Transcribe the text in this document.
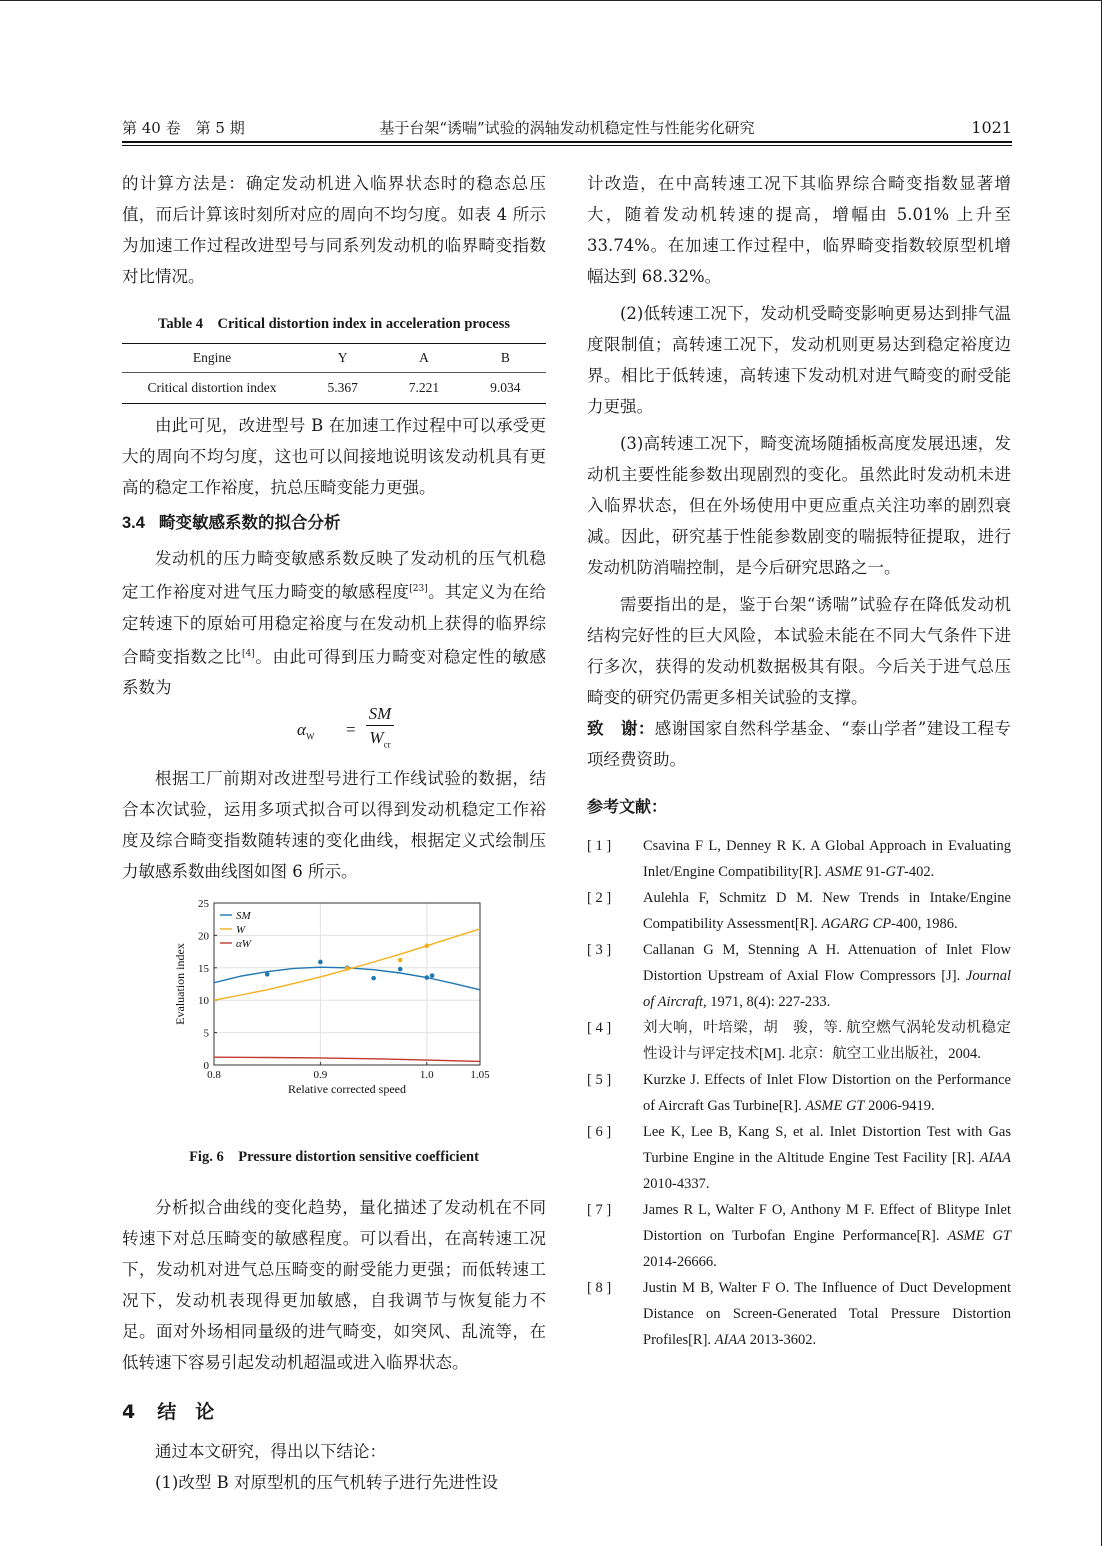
第 40 卷　第 5 期	基于台架“诱喘”试验的涡轴发动机稳定性与性能劣化研究	1021

的计算方法是：确定发动机进入临界状态时的稳态总压值，而后计算该时刻所对应的周向不均匀度。如表 4 所示为加速工作过程改进型号与同系列发动机的临界畸变指数对比情况。

Table 4　Critical distortion index in acceleration process
Engine	Y	A	B
Critical distortion index	5.367	7.221	9.034

由此可见，改进型号 B 在加速工作过程中可以承受更大的周向不均匀度，这也可以间接地说明该发动机具有更高的稳定工作裕度，抗总压畸变能力更强。

3.4 畸变敏感系数的拟合分析

发动机的压力畸变敏感系数反映了发动机的压气机稳定工作裕度对进气压力畸变的敏感程度[23]。其定义为在给定转速下的原始可用稳定裕度与在发动机上获得的临界综合畸变指数之比[4]。由此可得到压力畸变对稳定性的敏感系数为

$\alpha_W$ =
SM
$W_{cr}$

根据工厂前期对改进型号进行工作线试验的数据，结合本次试验，运用多项式拟合可以得到发动机稳定工作裕度及综合畸变指数随转速的变化曲线，根据定义式绘制压力敏感系数曲线图如图 6 所示。

0.8	0.9	1.0	1.05
0
5
10
15
20
25
Relative corrected speed
Evaluation index
SM
W
αW
Fig. 6　Pressure distortion sensitive coefficient

分析拟合曲线的变化趋势，量化描述了发动机在不同转速下对总压畸变的敏感程度。可以看出，在高转速工况下，发动机对进气总压畸变的耐受能力更强；而低转速工况下，发动机表现得更加敏感，自我调节与恢复能力不足。面对外场相同量级的进气畸变，如突风、乱流等，在低转速下容易引起发动机超温或进入临界状态。

4 结　论

通过本文研究，得出以下结论：

(1)改型 B 对原型机的压气机转子进行先进性设

计改造，在中高转速工况下其临界综合畸变指数显著增大，随着发动机转速的提高，增幅由 5.01% 上升至 33.74%。在加速工作过程中，临界畸变指数较原型机增幅达到 68.32%。

(2)低转速工况下，发动机受畸变影响更易达到排气温度限制值；高转速工况下，发动机则更易达到稳定裕度边界。相比于低转速，高转速下发动机对进气畸变的耐受能力更强。

(3)高转速工况下，畸变流场随插板高度发展迅速，发动机主要性能参数出现剧烈的变化。虽然此时发动机未进入临界状态，但在外场使用中更应重点关注功率的剧烈衰减。因此，研究基于性能参数剧变的喘振特征提取，进行发动机防消喘控制，是今后研究思路之一。

需要指出的是，鉴于台架“诱喘”试验存在降低发动机结构完好性的巨大风险，本试验未能在不同大气条件下进行多次，获得的发动机数据极其有限。今后关于进气总压畸变的研究仍需更多相关试验的支撑。

致　谢：感谢国家自然科学基金、“泰山学者”建设工程专项经费资助。

参考文献：
[ 1 ]	Csavina F L, Denney R K. A Global Approach in Evaluating Inlet/Engine Compatibility[R]. ASME 91-GT-402.
[ 2 ]	Aulehla F, Schmitz D M. New Trends in Intake/Engine Compatibility Assessment[R]. AGARG CP-400, 1986.
[ 3 ]	Callanan G M, Stenning A H. Attenuation of Inlet Flow Distortion Upstream of Axial Flow Compressors [J]. Journal of Aircraft, 1971, 8(4): 227-233.
[ 4 ]	刘大响，叶培梁，胡　骏，等. 航空燃气涡轮发动机稳定性设计与评定技术[M]. 北京：航空工业出版社，2004.
[ 5 ]	Kurzke J. Effects of Inlet Flow Distortion on the Performance of Aircraft Gas Turbine[R]. ASME GT 2006-9419.
[ 6 ]	Lee K, Lee B, Kang S, et al. Inlet Distortion Test with Gas Turbine Engine in the Altitude Engine Test Facility [R]. AIAA 2010-4337.
[ 7 ]	James R L, Walter F O, Anthony M F. Effect of Blitype Inlet Distortion on Turbofan Engine Performance[R]. ASME GT 2014-26666.
[ 8 ]	Justin M B, Walter F O. The Influence of Duct Development Distance on Screen-Generated Total Pressure Distortion Profiles[R]. AIAA 2013-3602.
